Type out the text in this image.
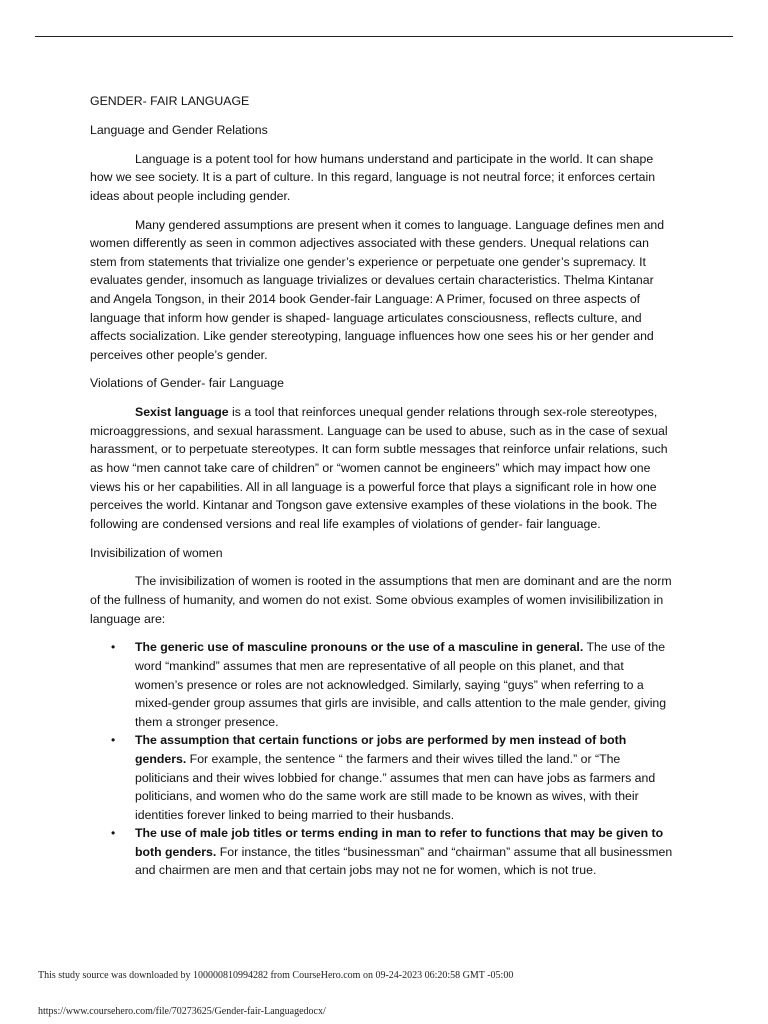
GENDER- FAIR LANGUAGE

Language and Gender Relations

Language is a potent tool for how humans understand and participate in the world. It can shape how we see society. It is a part of culture. In this regard, language is not neutral force; it enforces certain ideas about people including gender.

Many gendered assumptions are present when it comes to language. Language defines men and women differently as seen in common adjectives associated with these genders. Unequal relations can stem from statements that trivialize one gender’s experience or perpetuate one gender’s supremacy. It evaluates gender, insomuch as language trivializes or devalues certain characteristics. Thelma Kintanar and Angela Tongson, in their 2014 book Gender-fair Language: A Primer, focused on three aspects of language that inform how gender is shaped- language articulates consciousness, reflects culture, and affects socialization. Like gender stereotyping, language influences how one sees his or her gender and perceives other people’s gender.

Violations of Gender- fair Language

Sexist language is a tool that reinforces unequal gender relations through sex-role stereotypes, microaggressions, and sexual harassment. Language can be used to abuse, such as in the case of sexual harassment, or to perpetuate stereotypes. It can form subtle messages that reinforce unfair relations, such as how “men cannot take care of children” or “women cannot be engineers” which may impact how one views his or her capabilities. All in all language is a powerful force that plays a significant role in how one perceives the world. Kintanar and Tongson gave extensive examples of these violations in the book. The following are condensed versions and real life examples of violations of gender- fair language.

Invisibilization of women

The invisibilization of women is rooted in the assumptions that men are dominant and are the norm of the fullness of humanity, and women do not exist. Some obvious examples of women invisilibilization in language are:

• The generic use of masculine pronouns or the use of a masculine in general. The use of the word “mankind” assumes that men are representative of all people on this planet, and that women’s presence or roles are not acknowledged. Similarly, saying “guys” when referring to a mixed-gender group assumes that girls are invisible, and calls attention to the male gender, giving them a stronger presence.
• The assumption that certain functions or jobs are performed by men instead of both genders. For example, the sentence “ the farmers and their wives tilled the land.” or “The politicians and their wives lobbied for change.” assumes that men can have jobs as farmers and politicians, and women who do the same work are still made to be known as wives, with their identities forever linked to being married to their husbands.
• The use of male job titles or terms ending in man to refer to functions that may be given to both genders. For instance, the titles “businessman” and “chairman” assume that all businessmen and chairmen are men and that certain jobs may not ne for women, which is not true.
This study source was downloaded by 100000810994282 from CourseHero.com on 09-24-2023 06:20:58 GMT -05:00
https://www.coursehero.com/file/70273625/Gender-fair-Languagedocx/
